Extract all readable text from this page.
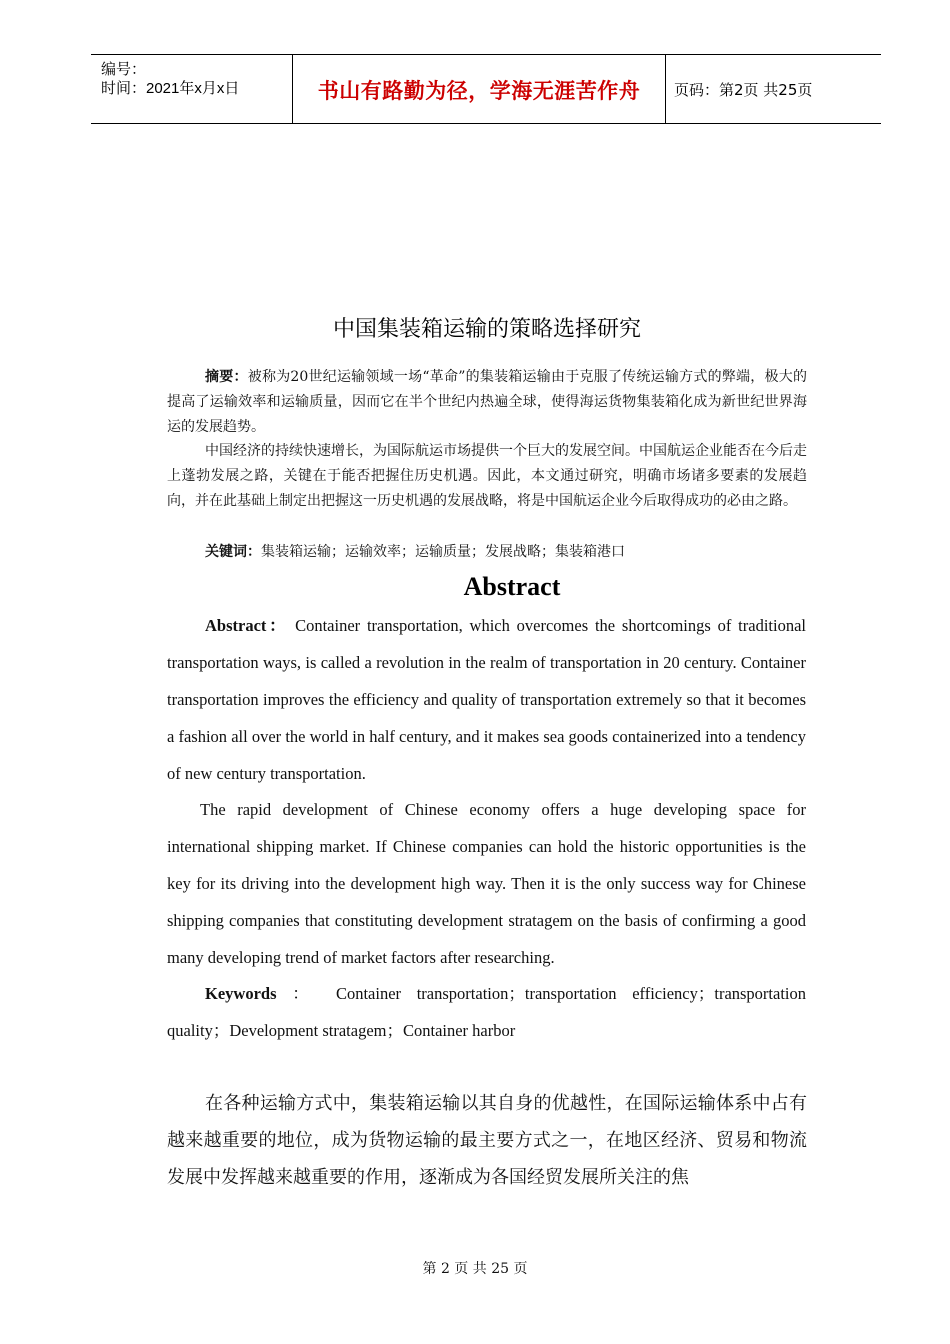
编号：
时间：2021年x月x日	书山有路勤为径，学海无涯苦作舟	页码：第2页 共25页
中国集装箱运输的策略选择研究
摘要：被称为20世纪运输领域一场“革命”的集装箱运输由于克服了传统运输方式的弊端，极大的提高了运输效率和运输质量，因而它在半个世纪内热遍全球，使得海运货物集装箱化成为新世纪世界海运的发展趋势。
中国经济的持续快速增长，为国际航运市场提供一个巨大的发展空间。中国航运企业能否在今后走上蓬勃发展之路，关键在于能否把握住历史机遇。因此，本文通过研究，明确市场诸多要素的发展趋向，并在此基础上制定出把握这一历史机遇的发展战略，将是中国航运企业今后取得成功的必由之路。
关键词：集装箱运输；运输效率；运输质量；发展战略；集装箱港口
Abstract
Abstract： Container transportation, which overcomes the shortcomings of traditional transportation ways, is called a revolution in the realm of transportation in 20 century. Container transportation improves the efficiency and quality of transportation extremely so that it becomes a fashion all over the world in half century, and it makes sea goods containerized into a tendency of new century transportation.
The rapid development of Chinese economy offers a huge developing space for international shipping market. If Chinese companies can hold the historic opportunities is the key for its driving into the development high way. Then it is the only success way for Chinese shipping companies that constituting development stratagem on the basis of confirming a good many developing trend of market factors after researching.
Keywords ： Container transportation；transportation efficiency；transportation quality；Development stratagem；Container harbor
在各种运输方式中，集装箱运输以其自身的优越性，在国际运输体系中占有越来越重要的地位，成为货物运输的最主要方式之一，在地区经济、贸易和物流发展中发挥越来越重要的作用，逐渐成为各国经贸发展所关注的焦
第 2 页 共 25 页
